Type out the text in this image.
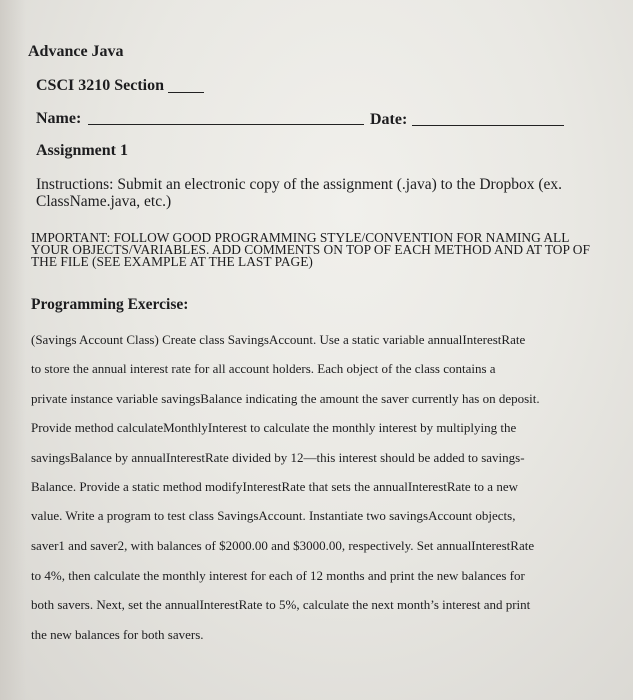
Advance Java
CSCI 3210 Section
Name:	Date:
Assignment 1
Instructions: Submit an electronic copy of the assignment (.java) to the Dropbox (ex.
ClassName.java, etc.)
IMPORTANT: FOLLOW GOOD PROGRAMMING STYLE/CONVENTION FOR NAMING ALL
YOUR OBJECTS/VARIABLES. ADD COMMENTS ON TOP OF EACH METHOD AND AT TOP OF
THE FILE (SEE EXAMPLE AT THE LAST PAGE)
Programming Exercise:
(Savings Account Class) Create class SavingsAccount. Use a static variable annualInterestRate
to store the annual interest rate for all account holders. Each object of the class contains a
private instance variable savingsBalance indicating the amount the saver currently has on deposit.
Provide method calculateMonthlyInterest to calculate the monthly interest by multiplying the
savingsBalance by annualInterestRate divided by 12—this interest should be added to savings-
Balance. Provide a static method modifyInterestRate that sets the annualInterestRate to a new
value. Write a program to test class SavingsAccount. Instantiate two savingsAccount objects,
saver1 and saver2, with balances of $2000.00 and $3000.00, respectively. Set annualInterestRate
to 4%, then calculate the monthly interest for each of 12 months and print the new balances for
both savers. Next, set the annualInterestRate to 5%, calculate the next month’s interest and print
the new balances for both savers.
